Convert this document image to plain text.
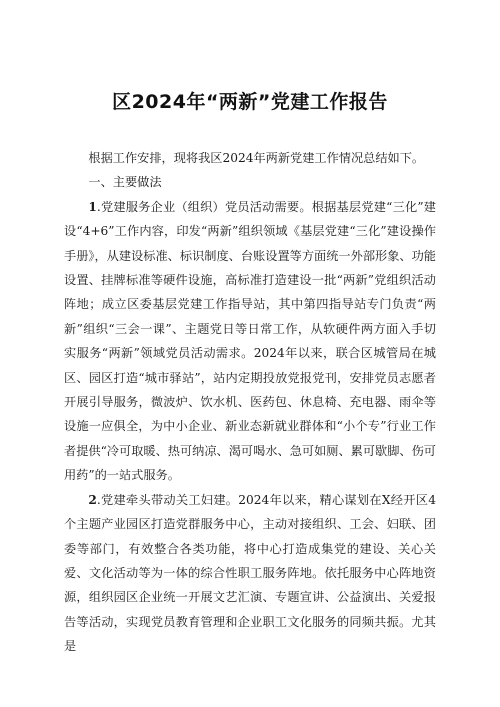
区2024年“两新”党建工作报告

根据工作安排，现将我区2024年两新党建工作情况总结如下。

一、主要做法

1.党建服务企业（组织）党员活动需要。根据基层党建“三化”建设“4+6”工作内容，印发“两新”组织领域《基层党建“三化”建设操作手册》，从建设标准、标识制度、台账设置等方面统一外部形象、功能设置、挂牌标准等硬件设施，高标准打造建设一批“两新”党组织活动阵地；成立区委基层党建工作指导站，其中第四指导站专门负责“两新”组织“三会一课”、主题党日等日常工作，从软硬件两方面入手切实服务“两新”领域党员活动需求。2024年以来，联合区城管局在城区、园区打造“城市驿站”，站内定期投放党报党刊，安排党员志愿者开展引导服务，微波炉、饮水机、医药包、休息椅、充电器、雨伞等设施一应俱全，为中小企业、新业态新就业群体和“小个专”行业工作者提供“冷可取暖、热可纳凉、渴可喝水、急可如厕、累可歇脚、伤可用药”的一站式服务。

2.党建牵头带动关工妇建。2024年以来，精心谋划在X经开区4个主题产业园区打造党群服务中心，主动对接组织、工会、妇联、团委等部门，有效整合各类功能，将中心打造成集党的建设、关心关爱、文化活动等为一体的综合性职工服务阵地。依托服务中心阵地资源，组织园区企业统一开展文艺汇演、专题宣讲、公益演出、关爱报告等活动，实现党员教育管理和企业职工文化服务的同频共振。尤其是
